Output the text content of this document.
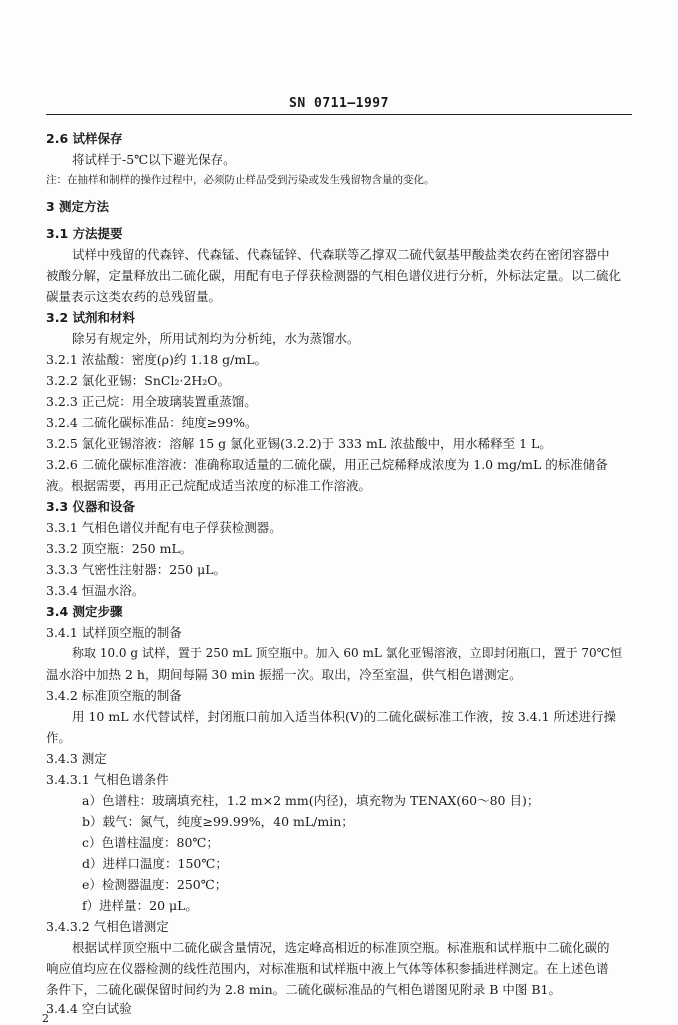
SN 0711—1997
2.6 试样保存
将试样于-5℃以下避光保存。
注：在抽样和制样的操作过程中，必须防止样品受到污染或发生残留物含量的变化。
3 测定方法
3.1 方法提要
试样中残留的代森锌、代森锰、代森锰锌、代森联等乙撑双二硫代氨基甲酸盐类农药在密闭容器中
被酸分解，定量释放出二硫化碳，用配有电子俘获检测器的气相色谱仪进行分析，外标法定量。以二硫化
碳量表示这类农药的总残留量。
3.2 试剂和材料
除另有规定外，所用试剂均为分析纯，水为蒸馏水。
3.2.1 浓盐酸：密度(ρ)约 1.18 g/mL。
3.2.2 氯化亚锡：SnCl₂·2H₂O。
3.2.3 正己烷：用全玻璃装置重蒸馏。
3.2.4 二硫化碳标准品：纯度≥99%。
3.2.5 氯化亚锡溶液：溶解 15 g 氯化亚锡(3.2.2)于 333 mL 浓盐酸中，用水稀释至 1 L。
3.2.6 二硫化碳标准溶液：准确称取适量的二硫化碳，用正己烷稀释成浓度为 1.0 mg/mL 的标准储备
液。根据需要，再用正己烷配成适当浓度的标准工作溶液。
3.3 仪器和设备
3.3.1 气相色谱仪并配有电子俘获检测器。
3.3.2 顶空瓶：250 mL。
3.3.3 气密性注射器：250 μL。
3.3.4 恒温水浴。
3.4 测定步骤
3.4.1 试样顶空瓶的制备
称取 10.0 g 试样，置于 250 mL 顶空瓶中。加入 60 mL 氯化亚锡溶液，立即封闭瓶口，置于 70℃恒
温水浴中加热 2 h，期间每隔 30 min 振摇一次。取出，冷至室温，供气相色谱测定。
3.4.2 标准顶空瓶的制备
用 10 mL 水代替试样，封闭瓶口前加入适当体积(V)的二硫化碳标准工作液，按 3.4.1 所述进行操
作。
3.4.3 测定
3.4.3.1 气相色谱条件
a）色谱柱：玻璃填充柱，1.2 m×2 mm(内径)，填充物为 TENAX(60～80 目)；
b）载气：氮气，纯度≥99.99%，40 mL/min；
c）色谱柱温度：80℃；
d）进样口温度：150℃；
e）检测器温度：250℃；
f）进样量：20 μL。
3.4.3.2 气相色谱测定
根据试样顶空瓶中二硫化碳含量情况，选定峰高相近的标准顶空瓶。标准瓶和试样瓶中二硫化碳的
响应值均应在仪器检测的线性范围内，对标准瓶和试样瓶中液上气体等体积参插进样测定。在上述色谱
条件下，二硫化碳保留时间约为 2.8 min。二硫化碳标准品的气相色谱图见附录 B 中图 B1。
3.4.4 空白试验
2
